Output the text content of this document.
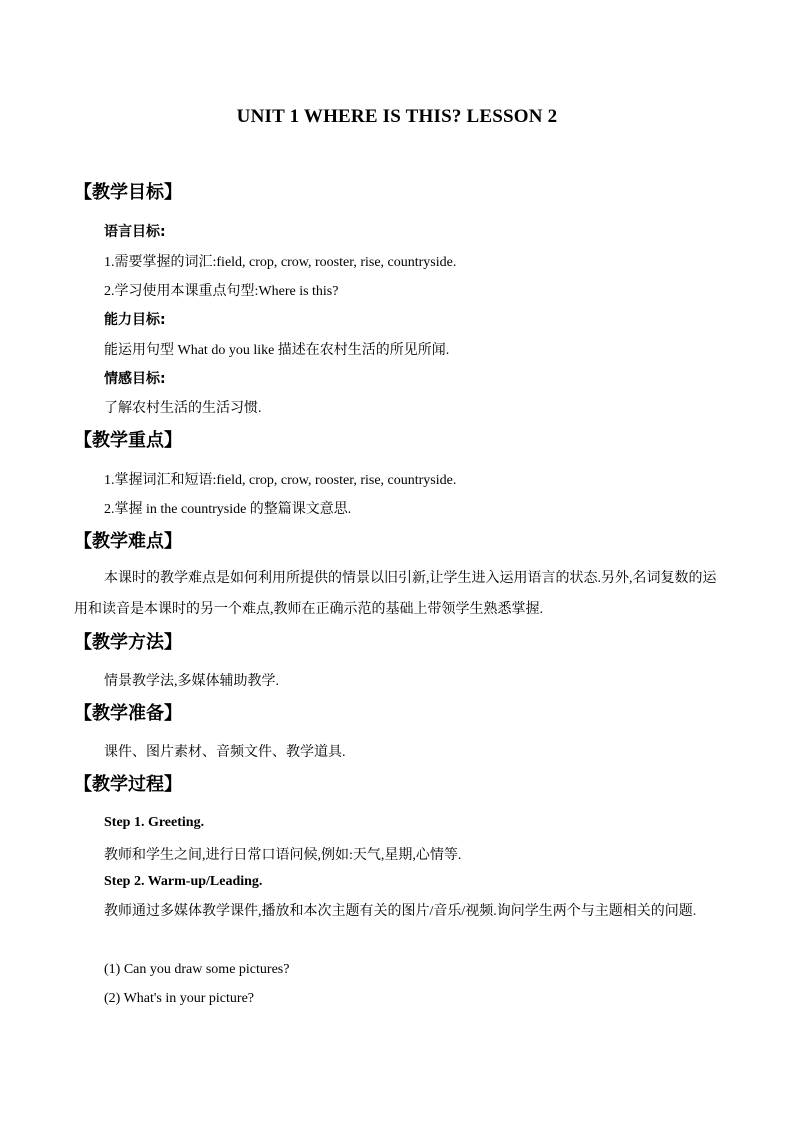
UNIT 1 WHERE IS THIS? LESSON 2
【教学目标】
语言目标:
1.需要掌握的词汇:field, crop, crow, rooster, rise, countryside.
2.学习使用本课重点句型:Where is this?
能力目标:
能运用句型 What do you like 描述在农村生活的所见所闻.
情感目标:
了解农村生活的生活习惯.
【教学重点】
1.掌握词汇和短语:field, crop, crow, rooster, rise, countryside.
2.掌握 in the countryside 的整篇课文意思.
【教学难点】
本课时的教学难点是如何利用所提供的情景以旧引新,让学生进入运用语言的状态.另外,名词复数的运用和读音是本课时的另一个难点,教师在正确示范的基础上带领学生熟悉掌握.
【教学方法】
情景教学法,多媒体辅助教学.
【教学准备】
课件、图片素材、音频文件、教学道具.
【教学过程】
Step 1. Greeting.
教师和学生之间,进行日常口语问候,例如:天气,星期,心情等.
Step 2. Warm-up/Leading.
教师通过多媒体教学课件,播放和本次主题有关的图片/音乐/视频.询问学生两个与主题相关的问题.
(1) Can you draw some pictures?
(2) What's in your picture?
